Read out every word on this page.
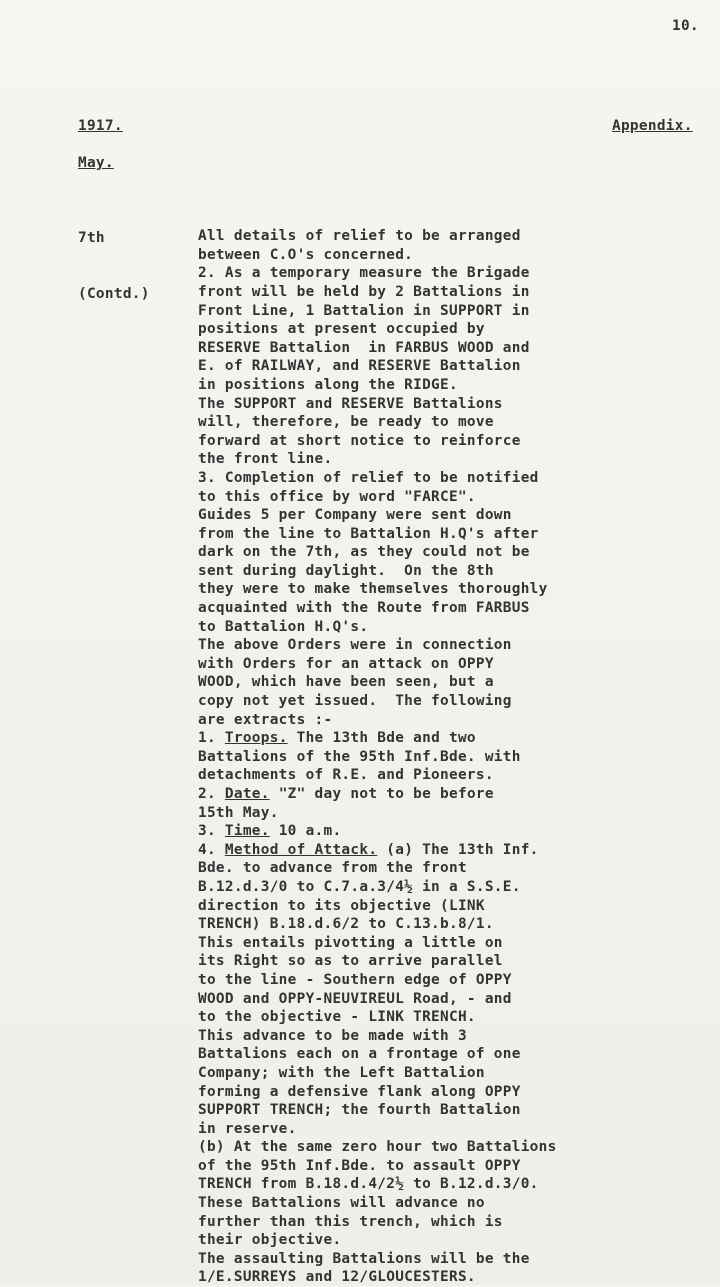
10.
1917.	Appendix.
May.

7th

(Contd.)

All details of relief to be arranged
between C.O's concerned.
2. As a temporary measure the Brigade
front will be held by 2 Battalions in
Front Line, 1 Battalion in SUPPORT in
positions at present occupied by
RESERVE Battalion  in FARBUS WOOD and
E. of RAILWAY, and RESERVE Battalion
in positions along the RIDGE.
The SUPPORT and RESERVE Battalions
will, therefore, be ready to move
forward at short notice to reinforce
the front line.
3. Completion of relief to be notified
to this office by word "FARCE".
Guides 5 per Company were sent down
from the line to Battalion H.Q's after
dark on the 7th, as they could not be
sent during daylight.  On the 8th
they were to make themselves thoroughly
acquainted with the Route from FARBUS
to Battalion H.Q's.
The above Orders were in connection
with Orders for an attack on OPPY
WOOD, which have been seen, but a
copy not yet issued.  The following
are extracts :-
1. Troops. The 13th Bde and two
Battalions of the 95th Inf.Bde. with
detachments of R.E. and Pioneers.
2. Date. "Z" day not to be before
15th May.
3. Time. 10 a.m.
4. Method of Attack. (a) The 13th Inf.
Bde. to advance from the front
B.12.d.3/0 to C.7.a.3/4½ in a S.S.E.
direction to its objective (LINK
TRENCH) B.18.d.6/2 to C.13.b.8/1.
This entails pivotting a little on
its Right so as to arrive parallel
to the line - Southern edge of OPPY
WOOD and OPPY-NEUVIREUL Road, - and
to the objective - LINK TRENCH.
This advance to be made with 3
Battalions each on a frontage of one
Company; with the Left Battalion
forming a defensive flank along OPPY
SUPPORT TRENCH; the fourth Battalion
in reserve.
(b) At the same zero hour two Battalions
of the 95th Inf.Bde. to assault OPPY
TRENCH from B.18.d.4/2½ to B.12.d.3/0.
These Battalions will advance no
further than this trench, which is
their objective.
The assaulting Battalions will be the
1/E.SURREYS and 12/GLOUCESTERS.
